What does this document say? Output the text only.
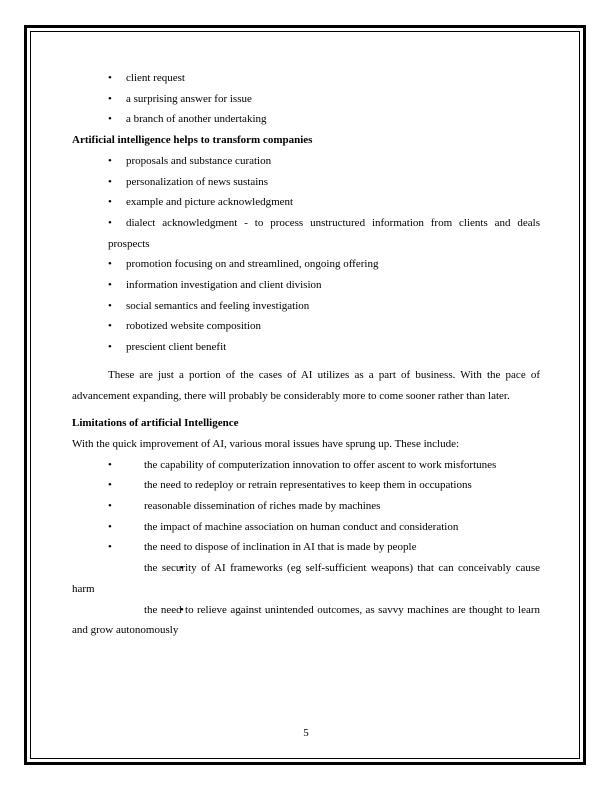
• client request
• a surprising answer for issue
• a branch of another undertaking
Artificial intelligence helps to transform companies
• proposals and substance curation
• personalization of news sustains
• example and picture acknowledgment
• dialect acknowledgment - to process unstructured information from clients and deals prospects
• promotion focusing on and streamlined, ongoing offering
• information investigation and client division
• social semantics and feeling investigation
• robotized website composition
• prescient client benefit
These are just a portion of the cases of AI utilizes as a part of business. With the pace of advancement expanding, there will probably be considerably more to come sooner rather than later.
Limitations of artificial Intelligence
With the quick improvement of AI, various moral issues have sprung up. These include:
• the capability of computerization innovation to offer ascent to work misfortunes
• the need to redeploy or retrain representatives to keep them in occupations
• reasonable dissemination of riches made by machines
• the impact of machine association on human conduct and consideration
• the need to dispose of inclination in AI that is made by people
• the security of AI frameworks (eg self-sufficient weapons) that can conceivably cause harm
• the need to relieve against unintended outcomes, as savvy machines are thought to learn and grow autonomously
5
